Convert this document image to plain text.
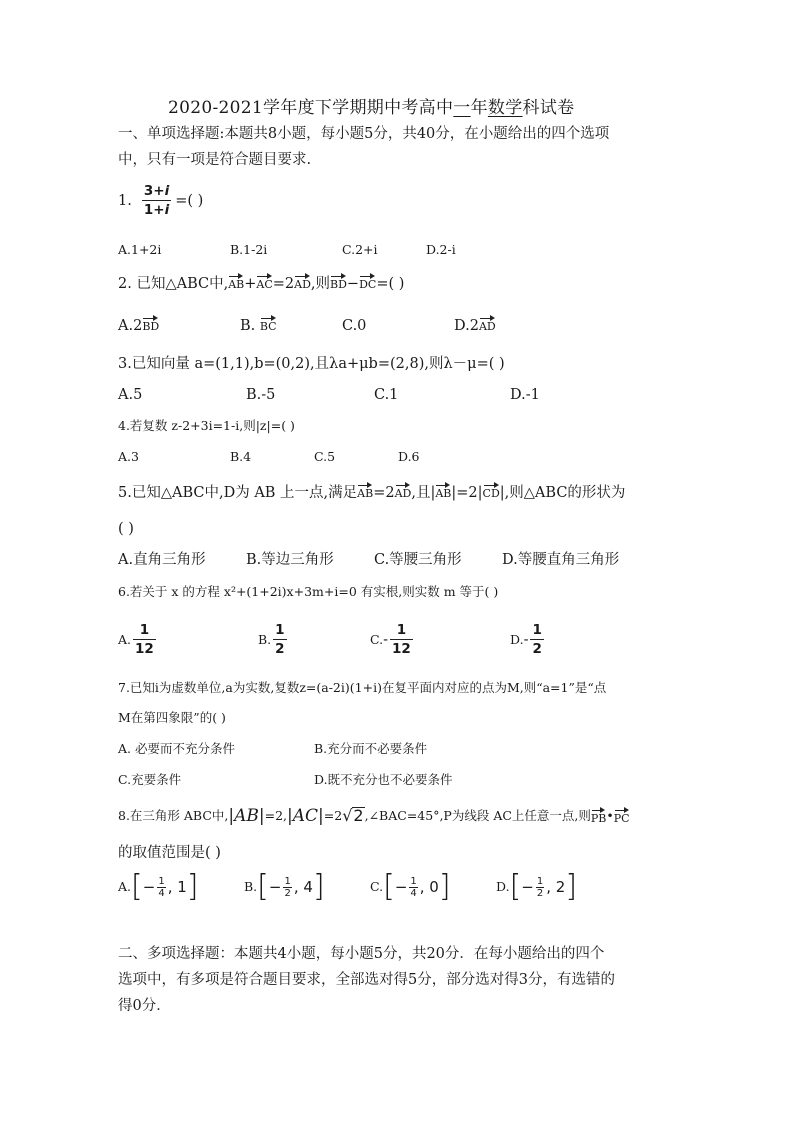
2020-2021学年度下学期期中考高中一年数学科试卷
一、单项选择题:本题共8小题，每小题5分，共40分，在小题给出的四个选项
中，只有一项是符合题目要求.
1. $\frac{3+i}{1+i}$ =( )
A.1+2i	B.1-2i	C.2+i	D.2-i
2. 已知△ABC中,AB+AC=2AD,则BD−DC=( )
A.2BD	B. BC	C.0	D.2AD
3.已知向量 a=(1,1),b=(0,2),且λa+μb=(2,8),则λ－μ=( )
A.5	B.-5	C.1	D.-1
4.若复数 z-2+3i=1-i,则|z|=( )
A.3	B.4	C.5	D.6
5.已知△ABC中,D为 AB 上一点,满足AB=2AD,且|AB|=2|CD|,则△ABC的形状为
( )
A.直角三角形	B.等边三角形	C.等腰三角形	D.等腰直角三角形
6.若关于 x 的方程 x²+(1+2i)x+3m+i=0 有实根,则实数 m 等于( )
A. $\frac{1}{12}$	B. $\frac{1}{2}$	C. - $\frac{1}{12}$	D. - $\frac{1}{2}$
7.已知i为虚数单位,a为实数,复数z=(a-2i)(1+i)在复平面内对应的点为M,则“a=1”是“点
M在第四象限”的( )
A. 必要而不充分条件	B.充分而不必要条件
C.充要条件	D.既不充分也不必要条件
8.在三角形 ABC中, |AB| =2, |AC| =2 √2 ,∠BAC=45°,P为线段 AC上任意一点,则 PB • PC
的取值范围是( )
A. [ − $\frac{1}{4}$ , 1 ]	B. [ − $\frac{1}{2}$ , 4 ]	C. [ − $\frac{1}{4}$ , 0 ]	D. [ − $\frac{1}{2}$ , 2 ]
二、多项选择题：本题共4小题，每小题5分，共20分．在每小题给出的四个
选项中，有多项是符合题目要求，全部选对得5分，部分选对得3分，有选错的
得0分．
